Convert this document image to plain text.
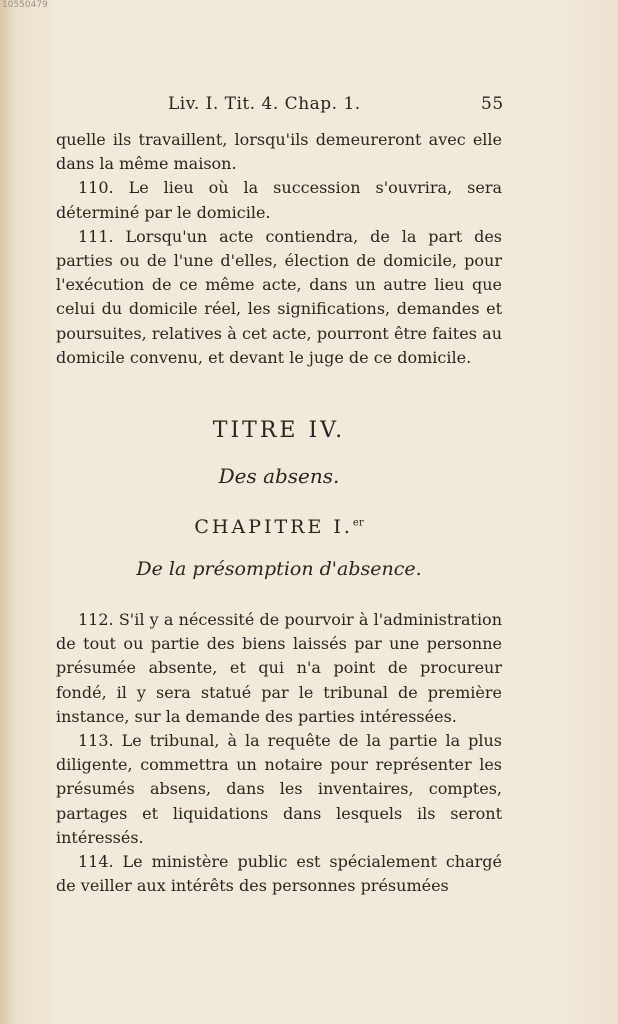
10550479
Liv. I. Tit. 4. Chap. 1.	55

quelle ils travaillent, lorsqu'ils demeureront avec elle dans la même maison.

110. Le lieu où la succession s'ouvrira, sera déterminé par le domicile.

111. Lorsqu'un acte contiendra, de la part des parties ou de l'une d'elles, élection de domicile, pour l'exécution de ce même acte, dans un autre lieu que celui du domicile réel, les significations, demandes et poursuites, relatives à cet acte, pourront être faites au domicile convenu, et devant le juge de ce domicile.

TITRE IV.
Des absens.
CHAPITRE I.$^{er}$
De la présomption d'absence.

112. S'il y a nécessité de pourvoir à l'administration de tout ou partie des biens laissés par une personne présumée absente, et qui n'a point de procureur fondé, il y sera statué par le tribunal de première instance, sur la demande des parties intéressées.

113. Le tribunal, à la requête de la partie la plus diligente, commettra un notaire pour représenter les présumés absens, dans les inventaires, comptes, partages et liquidations dans lesquels ils seront intéressés.

114. Le ministère public est spécialement chargé de veiller aux intérêts des personnes présumées
